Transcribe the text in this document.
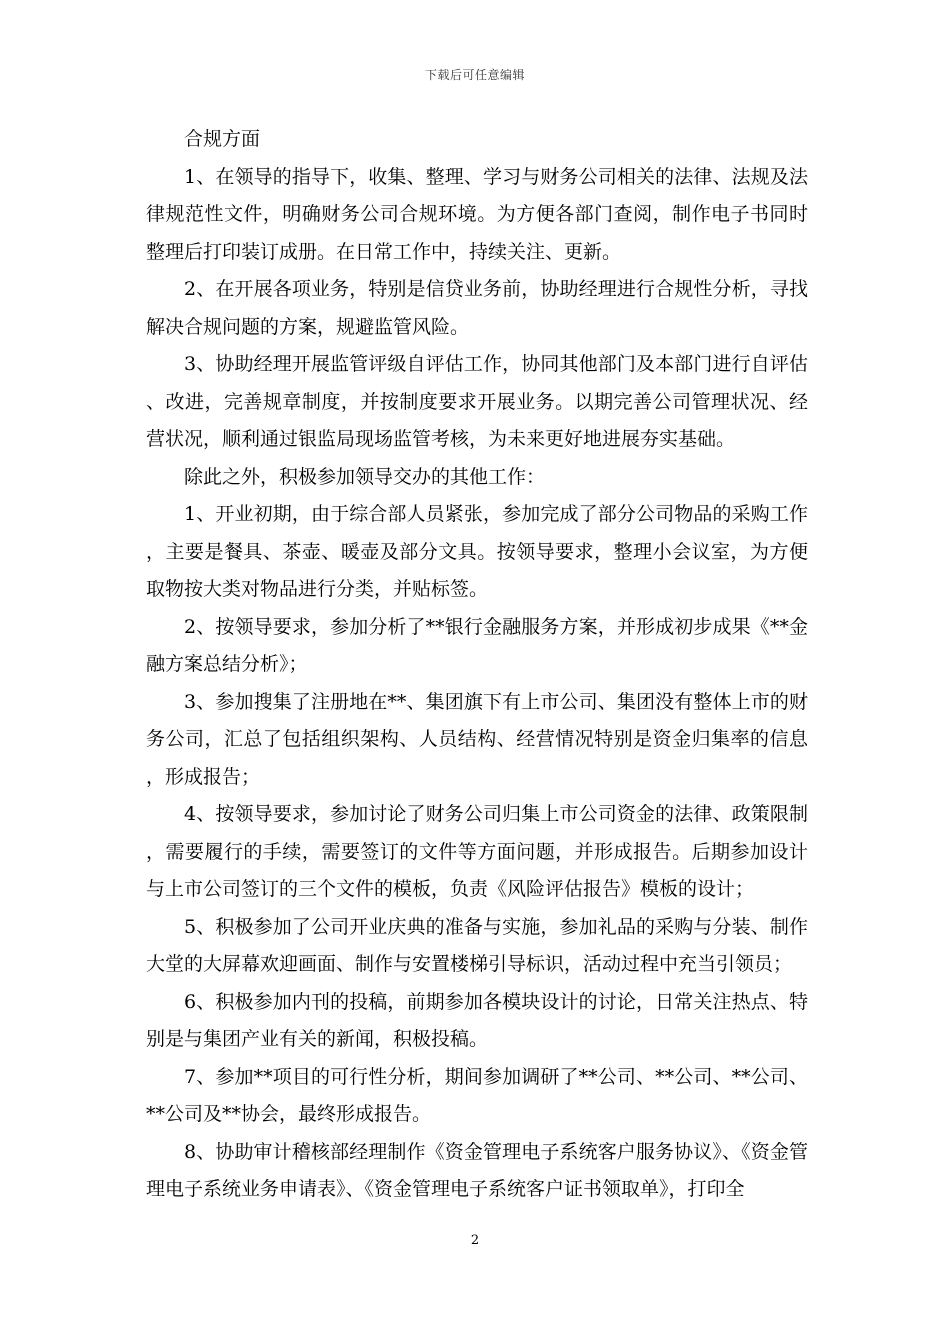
下载后可任意编辑

合规方面

1、在领导的指导下，收集、整理、学习与财务公司相关的法律、法规及法律规范性文件，明确财务公司合规环境。为方便各部门查阅，制作电子书同时整理后打印装订成册。在日常工作中，持续关注、更新。

2、在开展各项业务，特别是信贷业务前，协助经理进行合规性分析，寻找解决合规问题的方案，规避监管风险。

3、协助经理开展监管评级自评估工作，协同其他部门及本部门进行自评估、改进，完善规章制度，并按制度要求开展业务。以期完善公司管理状况、经营状况，顺利通过银监局现场监管考核，为未来更好地进展夯实基础。

除此之外，积极参加领导交办的其他工作：

1、开业初期，由于综合部人员紧张，参加完成了部分公司物品的采购工作，主要是餐具、茶壶、暖壶及部分文具。按领导要求，整理小会议室，为方便取物按大类对物品进行分类，并贴标签。

2、按领导要求，参加分析了**银行金融服务方案，并形成初步成果《**金融方案总结分析》；

3、参加搜集了注册地在**、集团旗下有上市公司、集团没有整体上市的财务公司，汇总了包括组织架构、人员结构、经营情况特别是资金归集率的信息，形成报告；

4、按领导要求，参加讨论了财务公司归集上市公司资金的法律、政策限制，需要履行的手续，需要签订的文件等方面问题，并形成报告。后期参加设计与上市公司签订的三个文件的模板，负责《风险评估报告》模板的设计；

5、积极参加了公司开业庆典的准备与实施，参加礼品的采购与分装、制作大堂的大屏幕欢迎画面、制作与安置楼梯引导标识，活动过程中充当引领员；

6、积极参加内刊的投稿，前期参加各模块设计的讨论，日常关注热点、特别是与集团产业有关的新闻，积极投稿。

7、参加**项目的可行性分析，期间参加调研了**公司、**公司、**公司、**公司及**协会，最终形成报告。

8、协助审计稽核部经理制作《资金管理电子系统客户服务协议》、《资金管理电子系统业务申请表》、《资金管理电子系统客户证书领取单》，打印全

2
